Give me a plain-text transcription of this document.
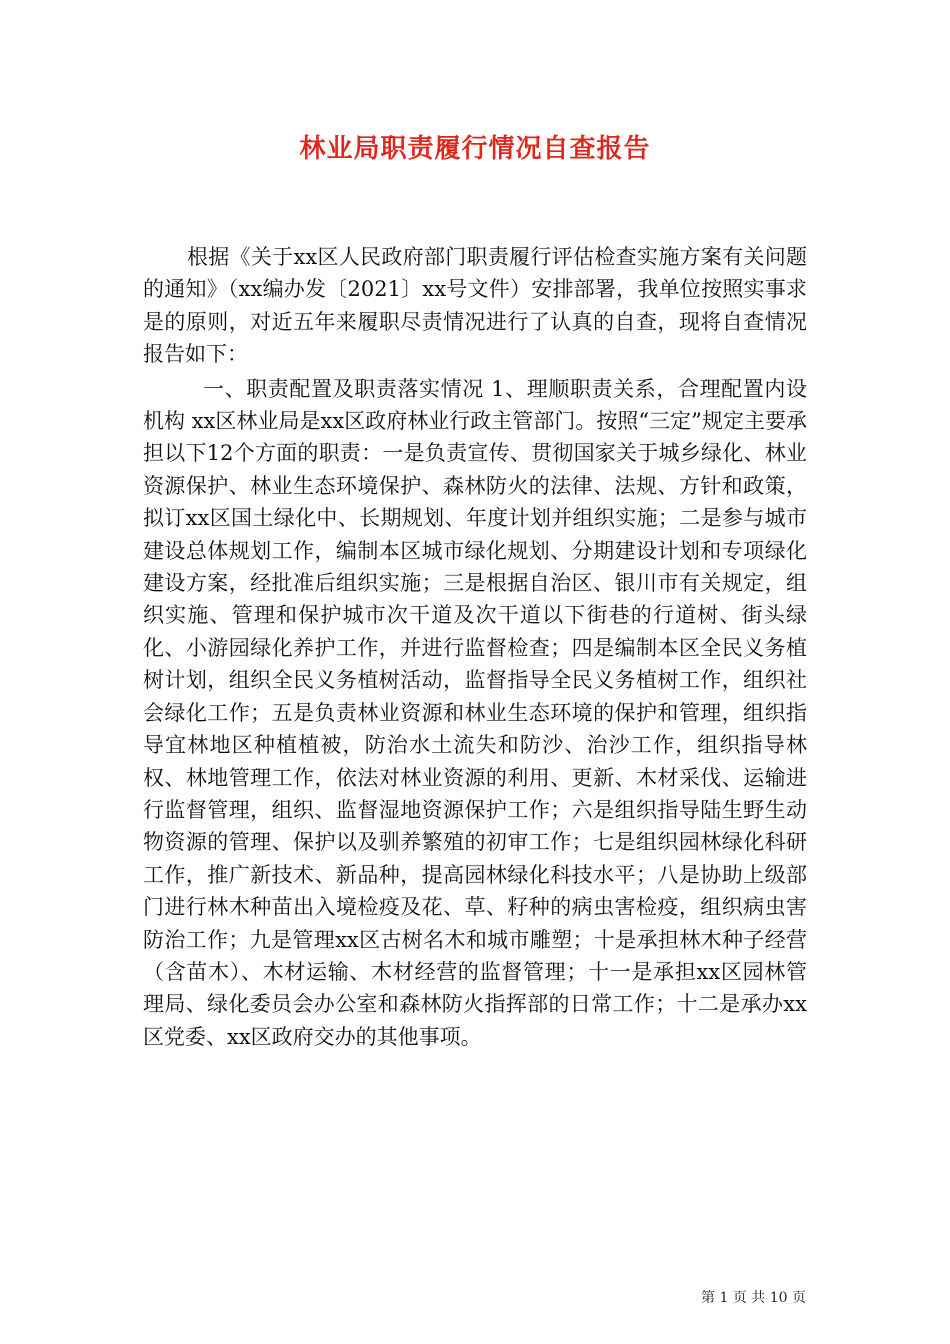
林业局职责履行情况自查报告

根据《关于xx区人民政府部门职责履行评估检查实施方案有关问题的通知》（xx编办发〔2021〕xx号文件）安排部署，我单位按照实事求是的原则，对近五年来履职尽责情况进行了认真的自查，现将自查情况报告如下：

一、职责配置及职责落实情况 1、理顺职责关系，合理配置内设机构 xx区林业局是xx区政府林业行政主管部门。按照“三定”规定主要承担以下12个方面的职责：一是负责宣传、贯彻国家关于城乡绿化、林业资源保护、林业生态环境保护、森林防火的法律、法规、方针和政策，拟订xx区国土绿化中、长期规划、年度计划并组织实施；二是参与城市建设总体规划工作，编制本区城市绿化规划、分期建设计划和专项绿化建设方案，经批准后组织实施；三是根据自治区、银川市有关规定，组织实施、管理和保护城市次干道及次干道以下街巷的行道树、街头绿化、小游园绿化养护工作，并进行监督检查；四是编制本区全民义务植树计划，组织全民义务植树活动，监督指导全民义务植树工作，组织社会绿化工作；五是负责林业资源和林业生态环境的保护和管理，组织指导宜林地区种植植被，防治水土流失和防沙、治沙工作，组织指导林权、林地管理工作，依法对林业资源的利用、更新、木材采伐、运输进行监督管理，组织、监督湿地资源保护工作；六是组织指导陆生野生动物资源的管理、保护以及驯养繁殖的初审工作；七是组织园林绿化科研工作，推广新技术、新品种，提高园林绿化科技水平；八是协助上级部门进行林木种苗出入境检疫及花、草、籽种的病虫害检疫，组织病虫害防治工作；九是管理xx区古树名木和城市雕塑；十是承担林木种子经营（含苗木）、木材运输、木材经营的监督管理；十一是承担xx区园林管理局、绿化委员会办公室和森林防火指挥部的日常工作；十二是承办xx区党委、xx区政府交办的其他事项。

第 1 页 共 10 页
